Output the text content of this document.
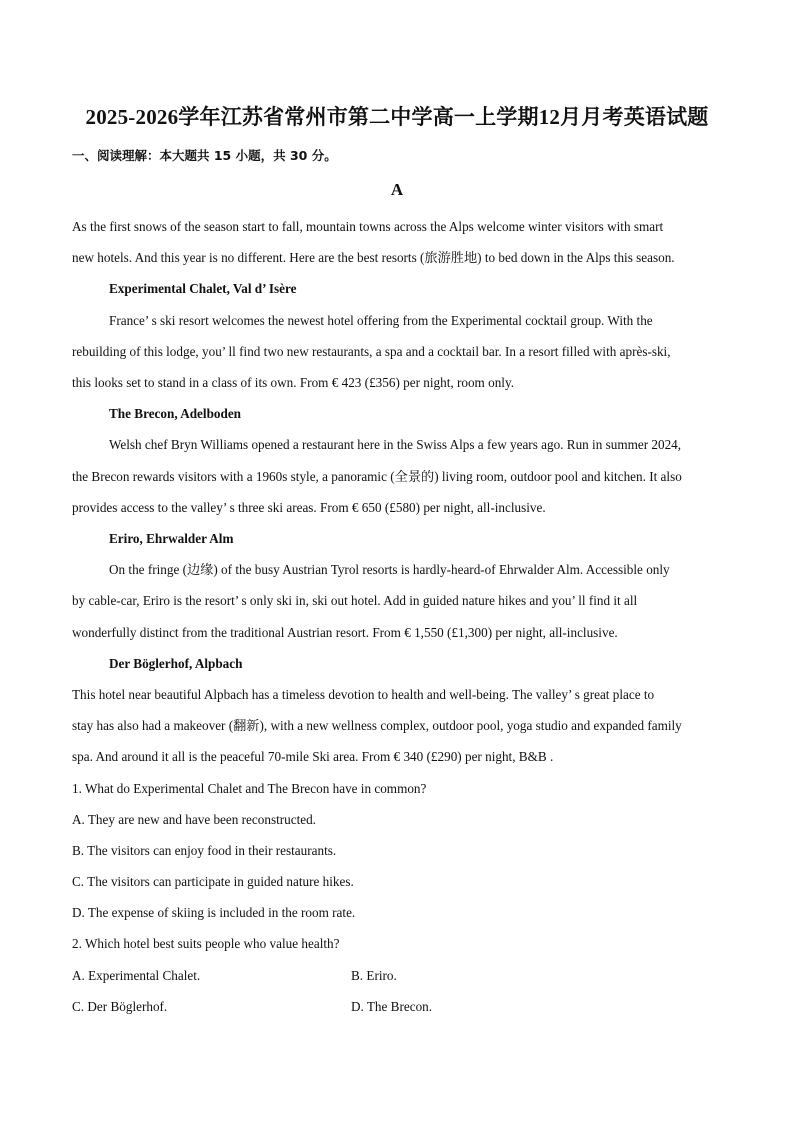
2025-2026学年江苏省常州市第二中学高一上学期12月月考英语试题
一、阅读理解：本大题共 15 小题，共 30 分。
A
As the first snows of the season start to fall, mountain towns across the Alps welcome winter visitors with smart
new hotels. And this year is no different. Here are the best resorts (旅游胜地) to bed down in the Alps this season.
Experimental Chalet, Val d’ Isère
France’ s ski resort welcomes the newest hotel offering from the Experimental cocktail group. With the
rebuilding of this lodge, you’ ll find two new restaurants, a spa and a cocktail bar. In a resort filled with après-ski,
this looks set to stand in a class of its own. From € 423 (£356) per night, room only.
The Brecon, Adelboden
Welsh chef Bryn Williams opened a restaurant here in the Swiss Alps a few years ago. Run in summer 2024,
the Brecon rewards visitors with a 1960s style, a panoramic (全景的) living room, outdoor pool and kitchen. It also
provides access to the valley’ s three ski areas. From € 650 (£580) per night, all-inclusive.
Eriro, Ehrwalder Alm
On the fringe (边缘) of the busy Austrian Tyrol resorts is hardly-heard-of Ehrwalder Alm. Accessible only
by cable-car, Eriro is the resort’ s only ski in, ski out hotel. Add in guided nature hikes and you’ ll find it all
wonderfully distinct from the traditional Austrian resort. From € 1,550 (£1,300) per night, all-inclusive.
Der Böglerhof, Alpbach
This hotel near beautiful Alpbach has a timeless devotion to health and well-being. The valley’ s great place to
stay has also had a makeover (翻新), with a new wellness complex, outdoor pool, yoga studio and expanded family
spa. And around it all is the peaceful 70-mile Ski area. From € 340 (£290) per night, B&B .
1. What do Experimental Chalet and The Brecon have in common?
A. They are new and have been reconstructed.
B. The visitors can enjoy food in their restaurants.
C. The visitors can participate in guided nature hikes.
D. The expense of skiing is included in the room rate.
2. Which hotel best suits people who value health?
A. Experimental Chalet.	B. Eriro.
C. Der Böglerhof.	D. The Brecon.
